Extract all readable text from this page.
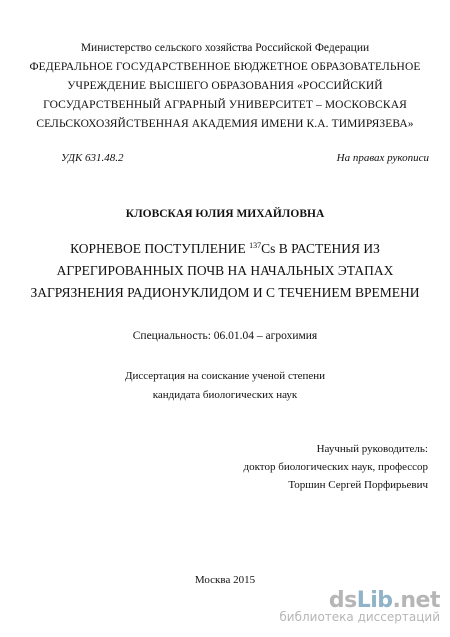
Министерство сельского хозяйства Российской Федерации
ФЕДЕРАЛЬНОЕ ГОСУДАРСТВЕННОЕ БЮДЖЕТНОЕ ОБРАЗОВАТЕЛЬНОЕ
УЧРЕЖДЕНИЕ ВЫСШЕГО ОБРАЗОВАНИЯ «РОССИЙСКИЙ
ГОСУДАРСТВЕННЫЙ АГРАРНЫЙ УНИВЕРСИТЕТ – МОСКОВСКАЯ
СЕЛЬСКОХОЗЯЙСТВЕННАЯ АКАДЕМИЯ ИМЕНИ К.А. ТИМИРЯЗЕВА»
УДК 631.48.2	На правах рукописи
КЛОВСКАЯ ЮЛИЯ МИХАЙЛОВНА
КОРНЕВОЕ ПОСТУПЛЕНИЕ $^{137}$Cs В РАСТЕНИЯ ИЗ
АГРЕГИРОВАННЫХ ПОЧВ НА НАЧАЛЬНЫХ ЭТАПАХ
ЗАГРЯЗНЕНИЯ РАДИОНУКЛИДОМ И С ТЕЧЕНИЕМ ВРЕМЕНИ
Специальность: 06.01.04 – агрохимия
Диссертация на соискание ученой степени
кандидата биологических наук
Научный руководитель:
доктор биологических наук, профессор
Торшин Сергей Порфирьевич
Москва 2015
dsLib.net
библиотека диссертаций
